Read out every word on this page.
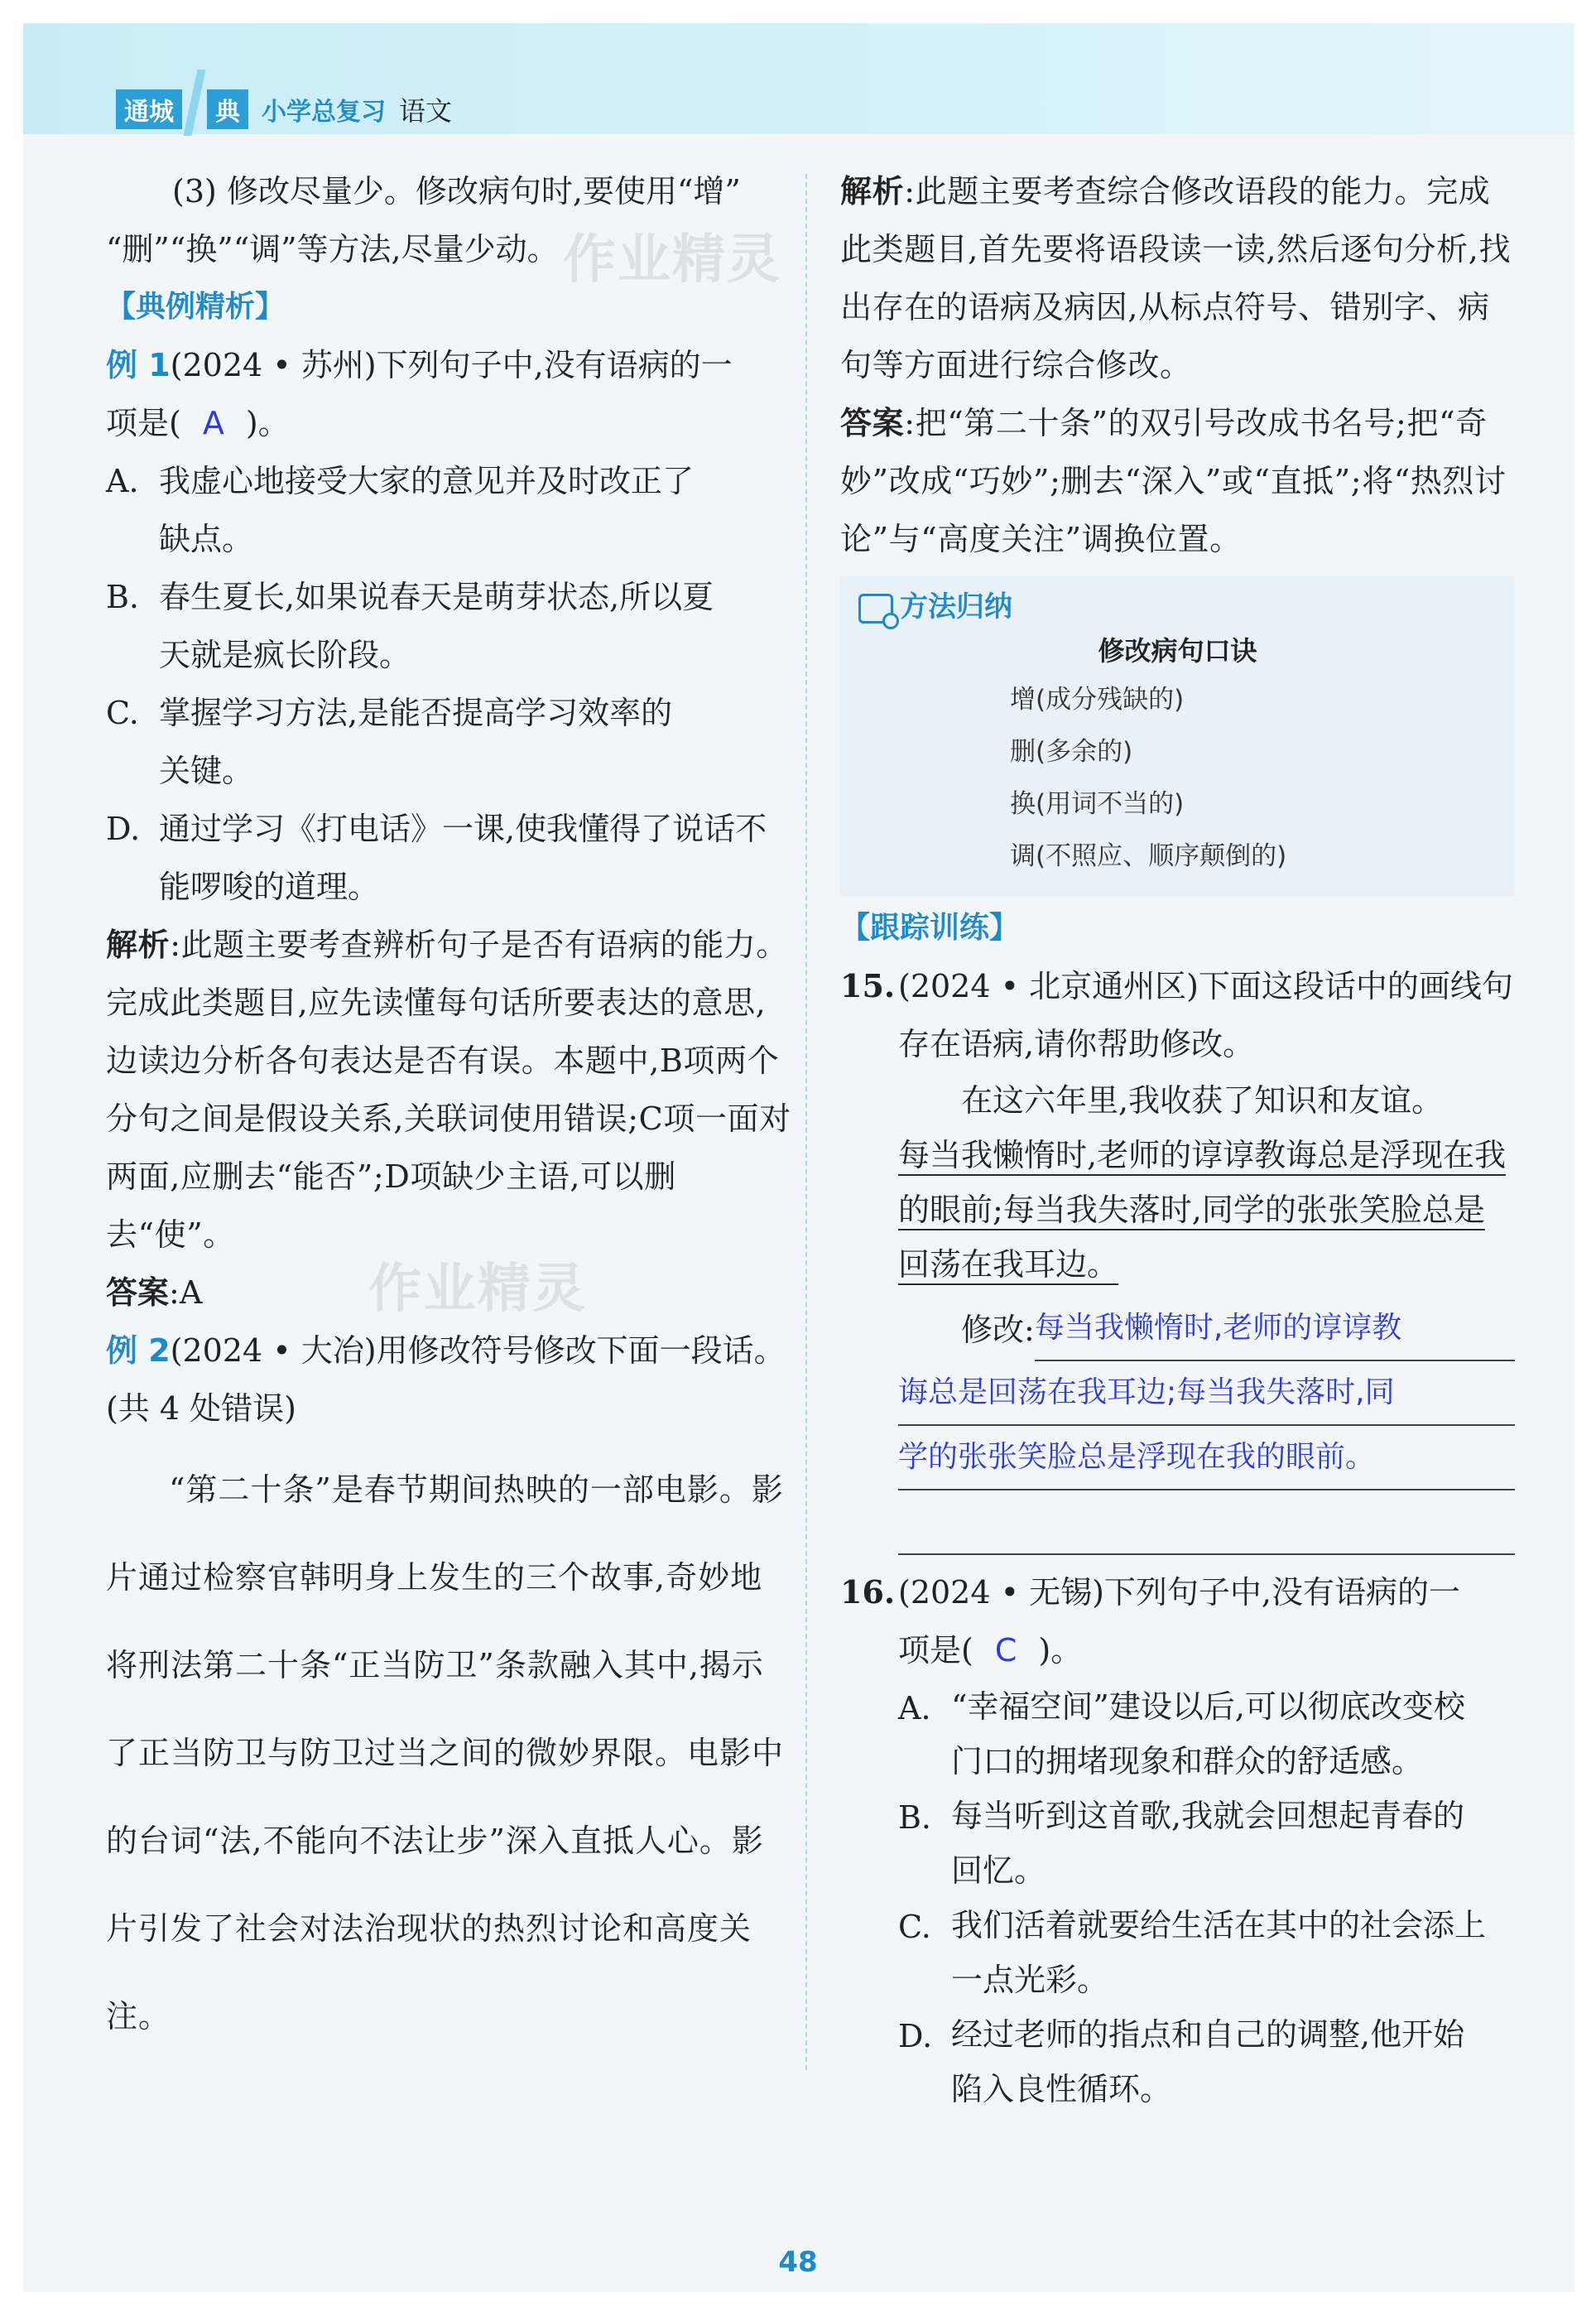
通城	典 小学总复习 语文

(3) 修改尽量少。修改病句时,要使用“增”

“删”“换”“调”等方法,尽量少动。

【典例精析】

例 1(2024 • 苏州)下列句子中,没有语病的一

项是( A )。

A. 我虚心地接受大家的意见并及时改正了
缺点。
B. 春生夏长,如果说春天是萌芽状态,所以夏
天就是疯长阶段。
C. 掌握学习方法,是能否提高学习效率的
关键。
D. 通过学习《打电话》一课,使我懂得了说话不
能啰唆的道理。

解析:此题主要考查辨析句子是否有语病的能力。完成此类题目,应先读懂每句话所要表达的意思,边读边分析各句表达是否有误。本题中,B项两个分句之间是假设关系,关联词使用错误;C项一面对两面,应删去“能否”;D项缺少主语,可以删去“使”。

答案:A

例 2(2024 • 大冶)用修改符号修改下面一段话。(共 4 处错误)

“第二十条”是春节期间热映的一部电影。影片通过检察官韩明身上发生的三个故事,奇妙地将刑法第二十条“正当防卫”条款融入其中,揭示了正当防卫与防卫过当之间的微妙界限。电影中的台词“法,不能向不法让步”深入直抵人心。影片引发了社会对法治现状的热烈讨论和高度关注。

解析:此题主要考查综合修改语段的能力。完成此类题目,首先要将语段读一读,然后逐句分析,找出存在的语病及病因,从标点符号、错别字、病句等方面进行综合修改。

答案:把“第二十条”的双引号改成书名号;把“奇妙”改成“巧妙”;删去“深入”或“直抵”;将“热烈讨论”与“高度关注”调换位置。

方法归纳
修改病句口诀
增(成分残缺的)
删(多余的)
换(用词不当的)
调(不照应、顺序颠倒的)

【跟踪训练】

15. (2024 • 北京通州区)下面这段话中的画线句存在语病,请你帮助修改。

在这六年里,我收获了知识和友谊。
每当我懒惰时,老师的谆谆教诲总是浮现在我的眼前;每当我失落时,同学的张张笑脸总是回荡在我耳边。

修改: 每当我懒惰时,老师的谆谆教
诲总是回荡在我耳边;每当我失落时,同
学的张张笑脸总是浮现在我的眼前。
16. (2024 • 无锡)下列句子中,没有语病的一

项是( C )。

A. “幸福空间”建设以后,可以彻底改变校
门口的拥堵现象和群众的舒适感。
B. 每当听到这首歌,我就会回想起青春的
回忆。
C. 我们活着就要给生活在其中的社会添上
一点光彩。
D. 经过老师的指点和自己的调整,他开始
陷入良性循环。
作业精灵
作业精灵
48
